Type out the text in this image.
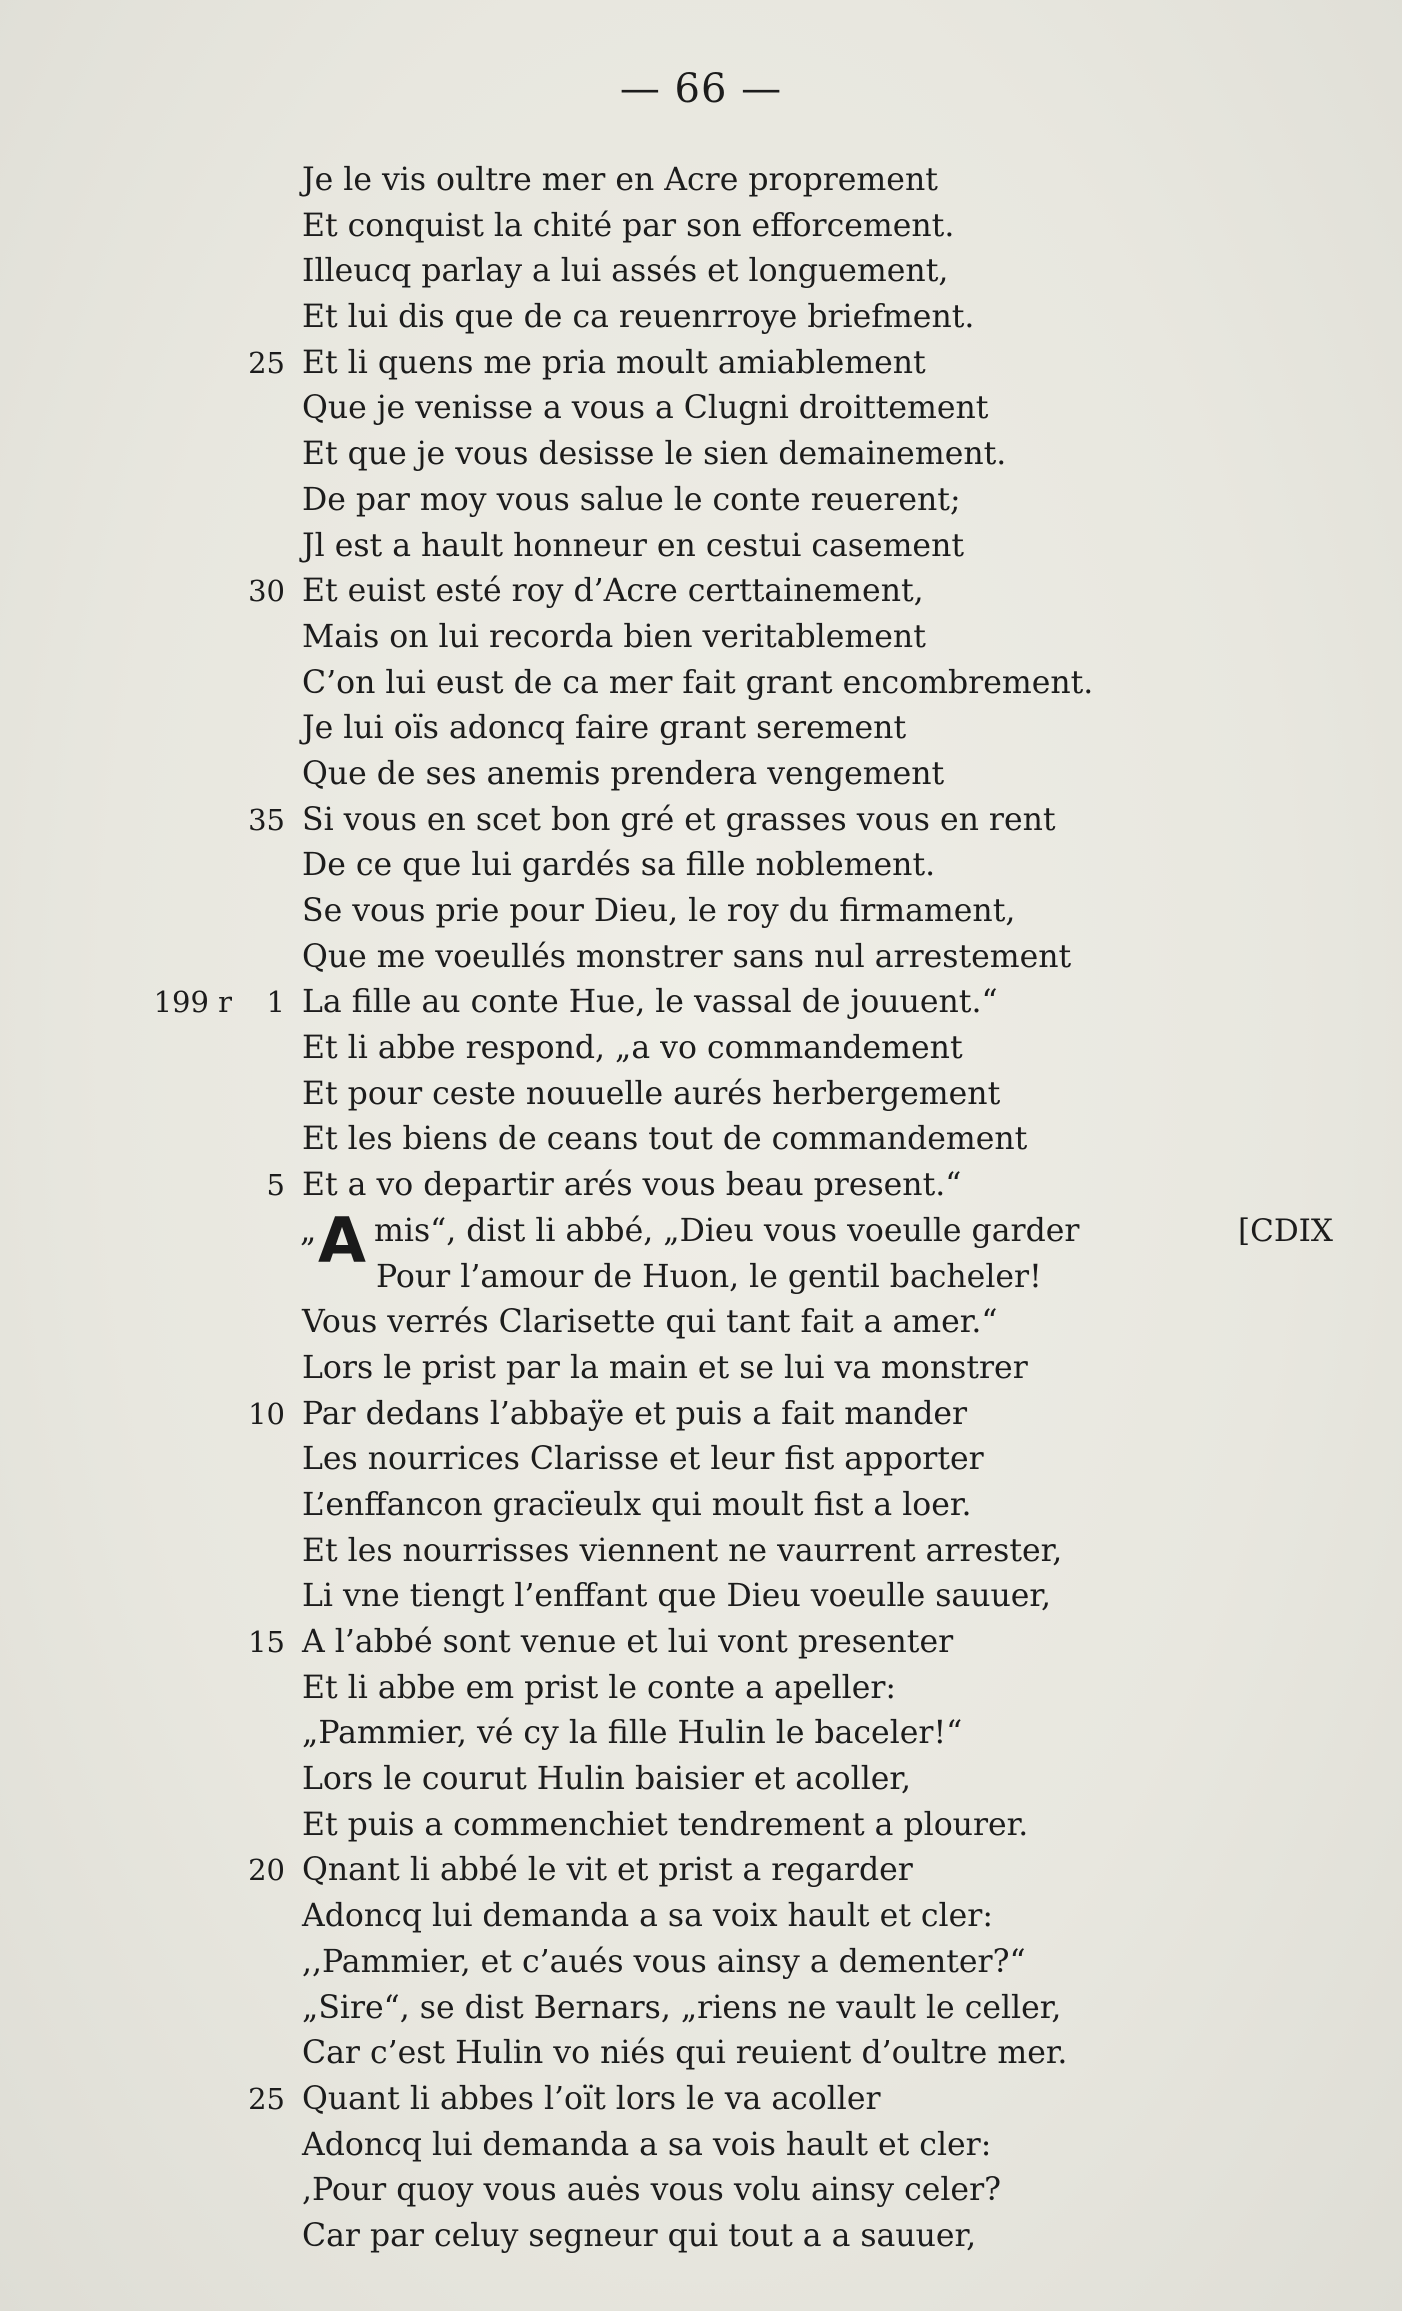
— 66 —
A
Je le vis oultre mer en Acre proprement
Et conquist la chité par son efforcement.
Illeucq parlay a lui assés et longuement,
Et lui dis que de ca reuenrroye briefment.
25 Et li quens me pria moult amiablement
Que je venisse a vous a Clugni droittement
Et que je vous desisse le sien demainement.
De par moy vous salue le conte reuerent;
Jl est a hault honneur en cestui casement
30 Et euist esté roy d’Acre certtainement,
Mais on lui recorda bien veritablement
C’on lui eust de ca mer fait grant encombrement.
Je lui oïs adoncq faire grant serement
Que de ses anemis prendera vengement
35 Si vous en scet bon gré et grasses vous en rent
De ce que lui gardés sa fille noblement.
Se vous prie pour Dieu, le roy du firmament,
Que me voeullés monstrer sans nul arrestement
199 r	1 La fille au conte Hue, le vassal de jouuent.“
Et li abbe respond, „a vo commandement
Et pour ceste nouuelle aurés herbergement
Et les biens de ceans tout de commandement
5 Et a vo departir arés vous beau present.“
„ mis“, dist li abbé, „Dieu vous voeulle garder	[CDIX
Pour l’amour de Huon, le gentil bacheler!
Vous verrés Clarisette qui tant fait a amer.“
Lors le prist par la main et se lui va monstrer
10 Par dedans l’abbaÿe et puis a fait mander
Les nourrices Clarisse et leur fist apporter
L’enffancon gracïeulx qui moult fist a loer.
Et les nourrisses viennent ne vaurrent arrester,
Li vne tiengt l’enffant que Dieu voeulle sauuer,
15 A l’abbé sont venue et lui vont presenter
Et li abbe em prist le conte a apeller:
„Pammier, vé cy la fille Hulin le baceler!“
Lors le courut Hulin baisier et acoller,
Et puis a commenchiet tendrement a plourer.
20 Qnant li abbé le vit et prist a regarder
Adoncq lui demanda a sa voix hault et cler:
,,Pammier, et c’aués vous ainsy a dementer?“
„Sire“, se dist Bernars, „riens ne vault le celler,
Car c’est Hulin vo niés qui reuient d’oultre mer.
25 Quant li abbes l’oït lors le va acoller
Adoncq lui demanda a sa vois hault et cler:
,Pour quoy vous auės vous volu ainsy celer?
Car par celuy segneur qui tout a a sauuer,
